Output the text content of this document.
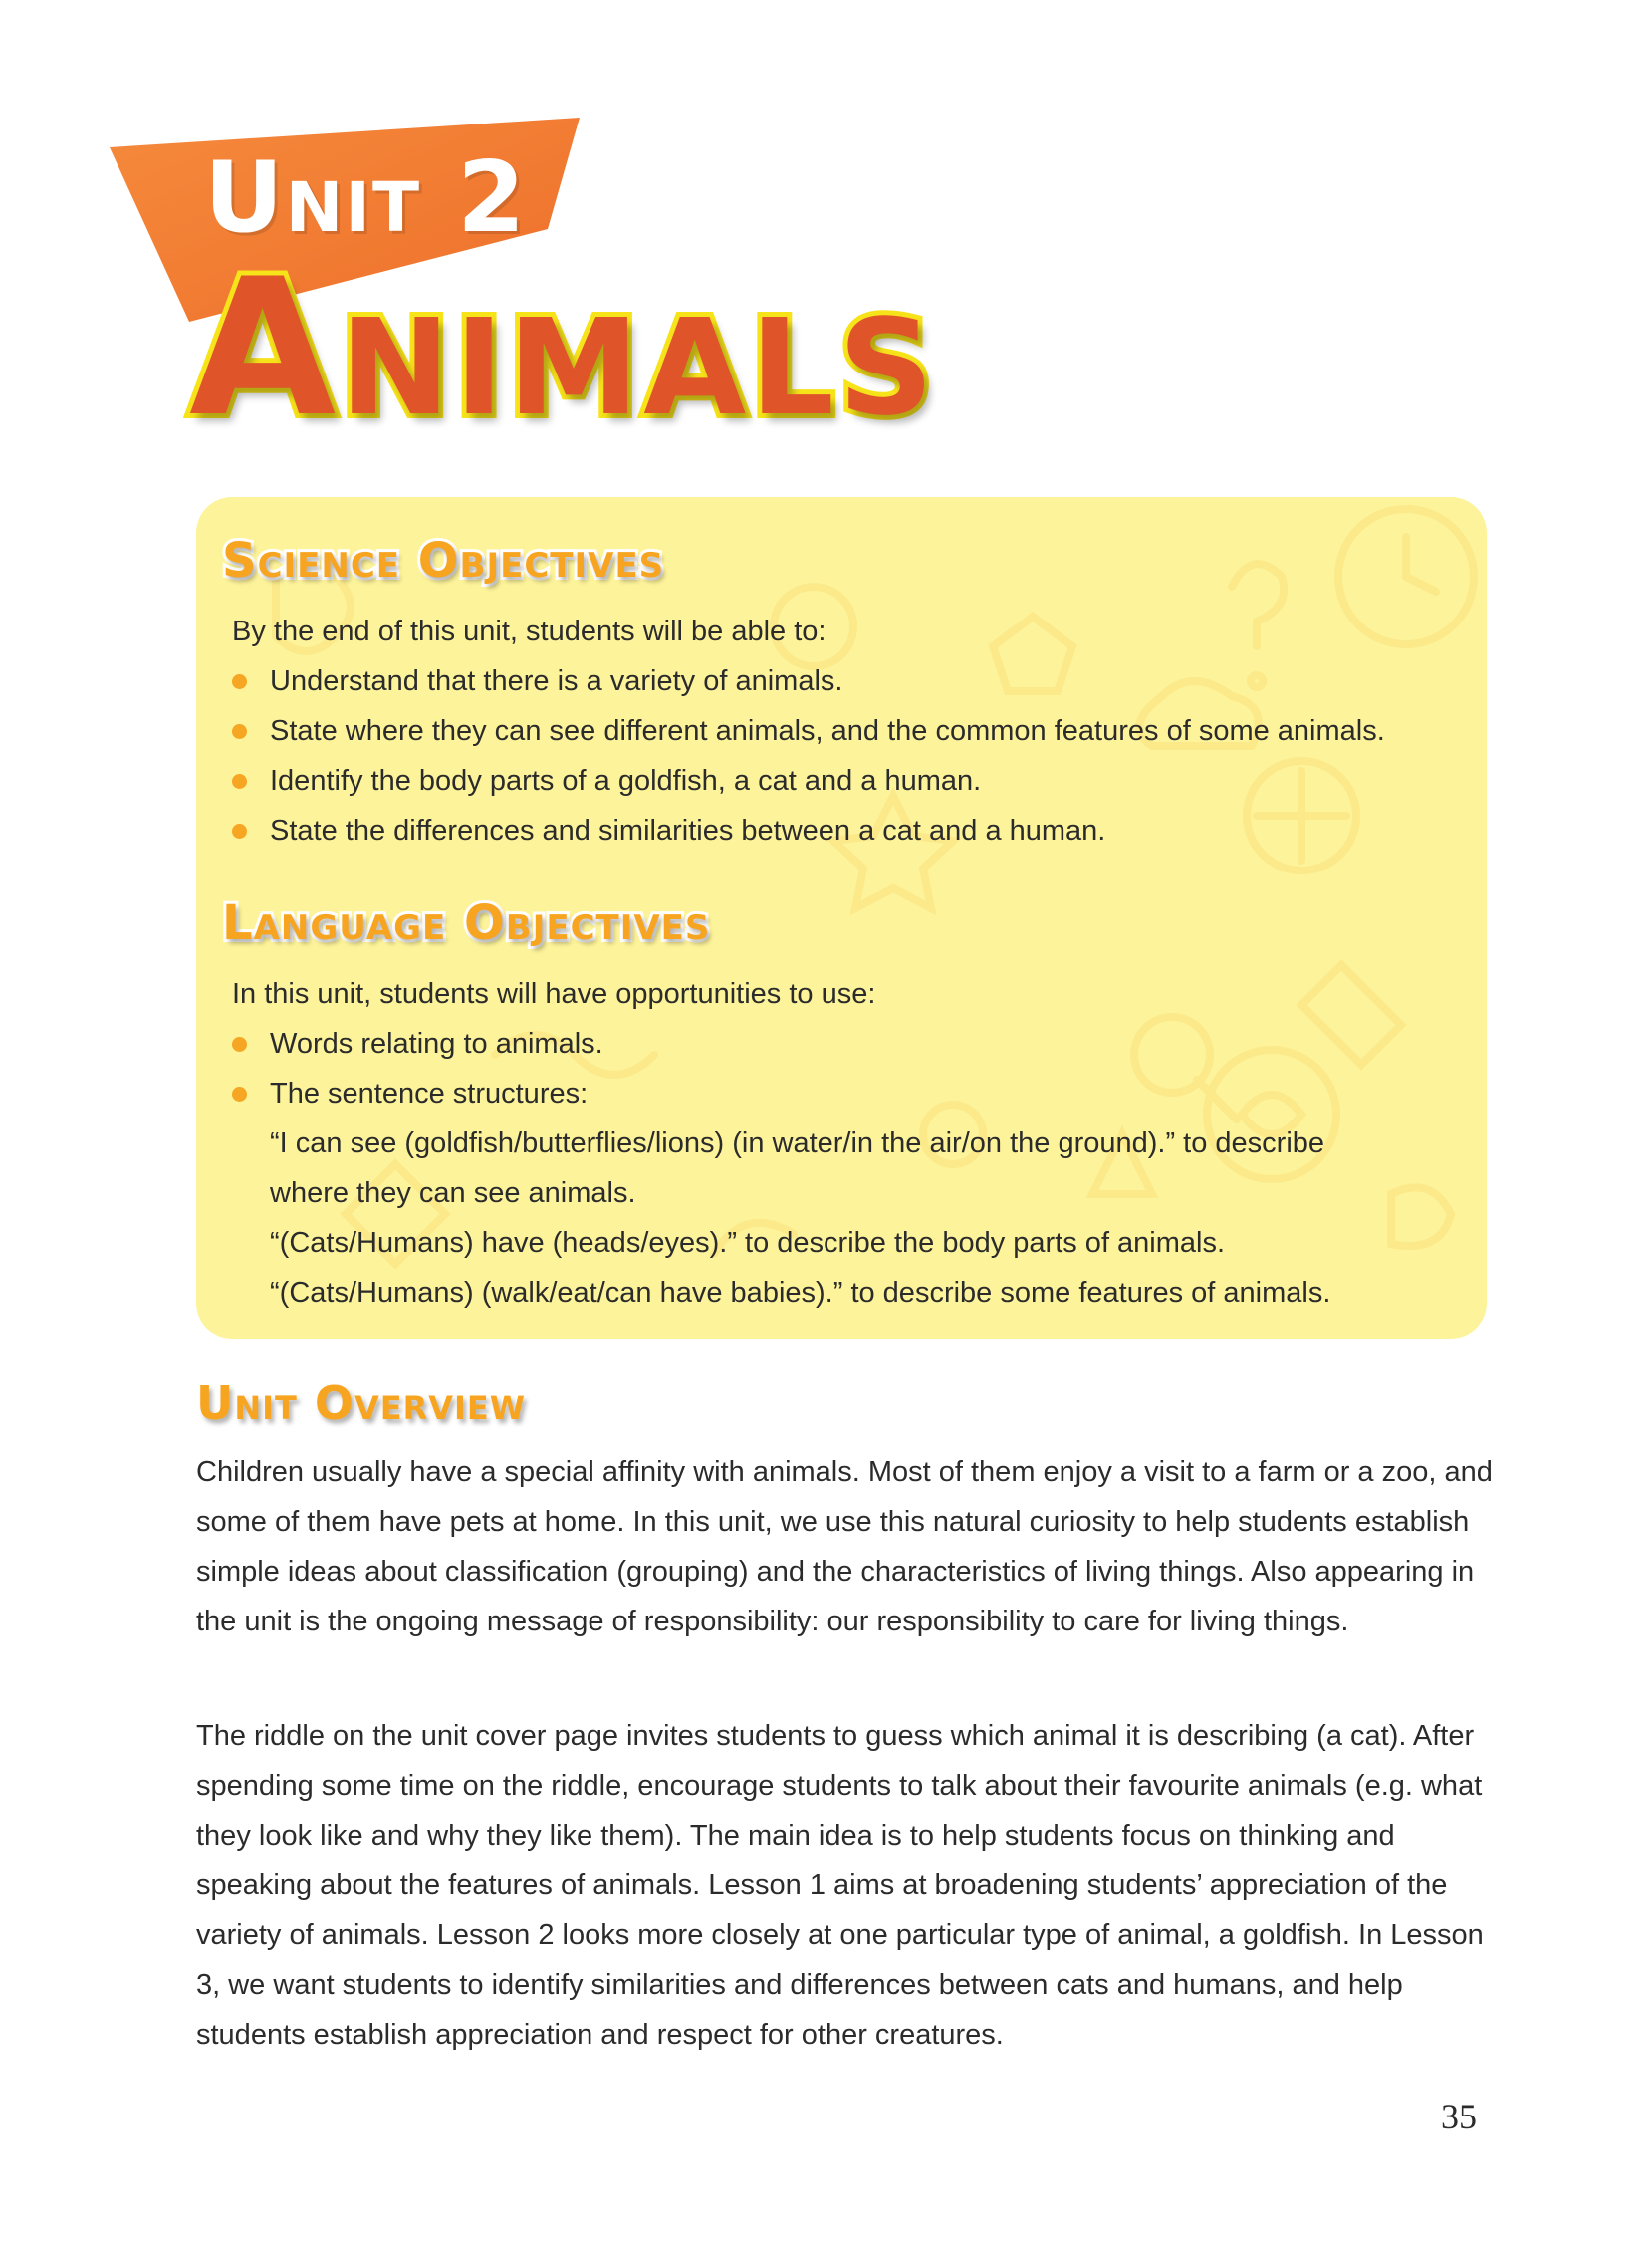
Unit 2
Animals
Science Objectives
By the end of this unit, students will be able to:
Understand that there is a variety of animals.
State where they can see different animals, and the common features of some animals.
Identify the body parts of a goldfish, a cat and a human.
State the differences and similarities between a cat and a human.
Language Objectives
In this unit, students will have opportunities to use:
Words relating to animals.
The sentence structures:
“I can see (goldfish/butterflies/lions) (in water/in the air/on the ground).” to describe
where they can see animals.
“(Cats/Humans) have (heads/eyes).” to describe the body parts of animals.
“(Cats/Humans) (walk/eat/can have babies).” to describe some features of animals.
Unit Overview

Children usually have a special affinity with animals. Most of them enjoy a visit to a farm or a zoo, and some of them have pets at home. In this unit, we use this natural curiosity to help students establish simple ideas about classification (grouping) and the characteristics of living things. Also appearing in the unit is the ongoing message of responsibility: our responsibility to care for living things.

The riddle on the unit cover page invites students to guess which animal it is describing (a cat). After spending some time on the riddle, encourage students to talk about their favourite animals (e.g. what they look like and why they like them). The main idea is to help students focus on thinking and speaking about the features of animals. Lesson 1 aims at broadening students’ appreciation of the variety of animals. Lesson 2 looks more closely at one particular type of animal, a goldfish. In Lesson 3, we want students to identify similarities and differences between cats and humans, and help students establish appreciation and respect for other creatures.

35
